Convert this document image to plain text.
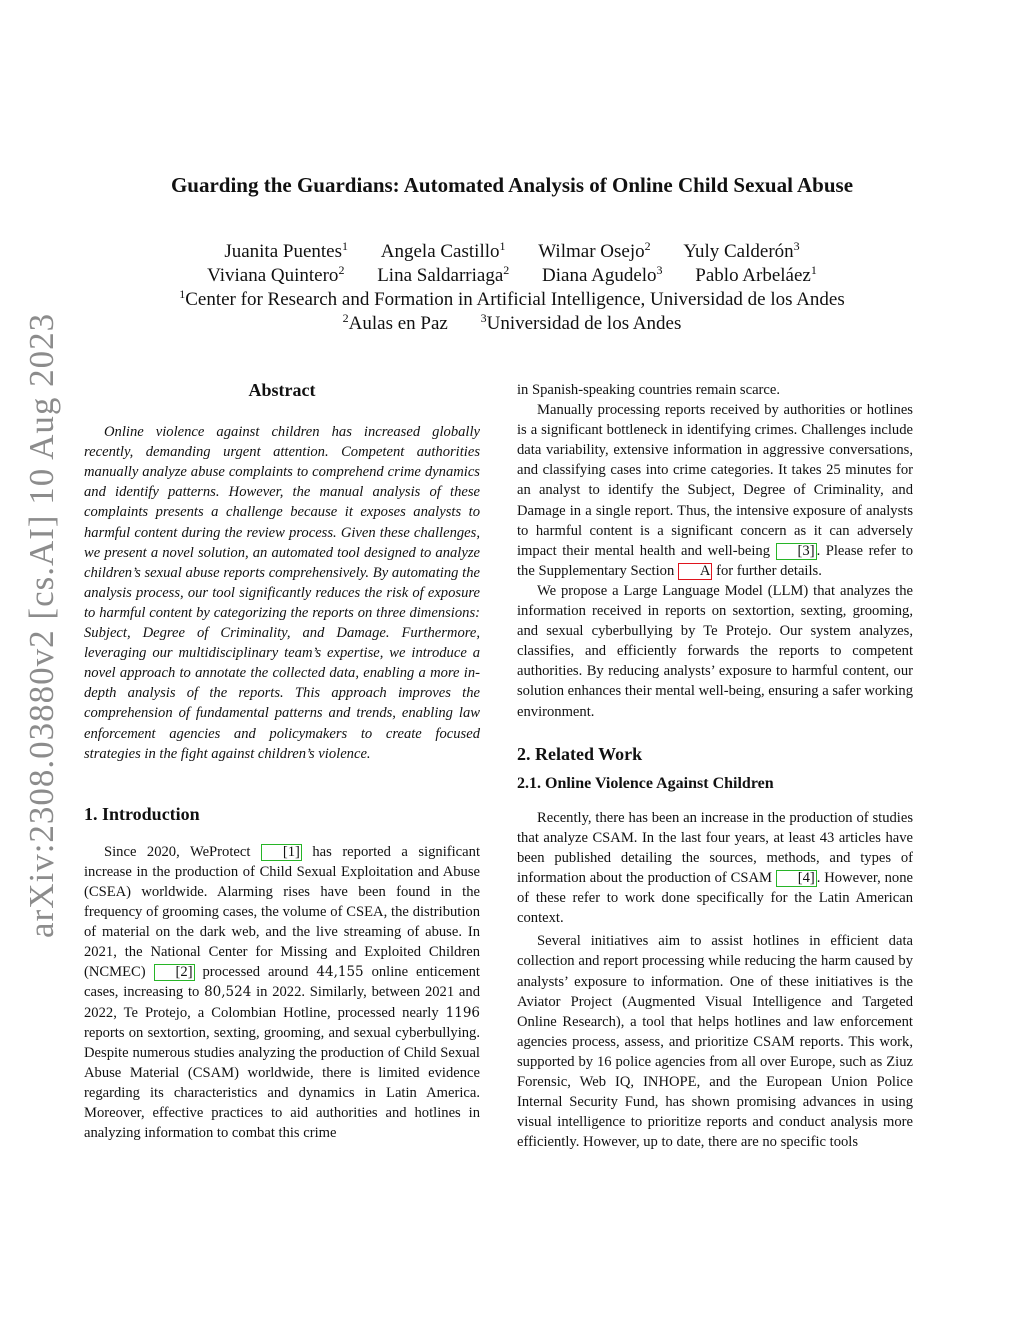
arXiv:2308.03880v2 [cs.AI] 10 Aug 2023
Guarding the Guardians: Automated Analysis of Online Child Sexual Abuse
Juanita Puentes$^1$ Angela Castillo$^1$ Wilmar Osejo$^2$ Yuly Calderón$^3$
Viviana Quintero$^2$ Lina Saldarriaga$^2$ Diana Agudelo$^3$ Pablo Arbeláez$^1$
$^1$Center for Research and Formation in Artificial Intelligence, Universidad de los Andes
$^2$Aulas en Paz	$^3$Universidad de los Andes
Abstract

Online violence against children has increased globally recently, demanding urgent attention. Competent authorities manually analyze abuse complaints to comprehend crime dynamics and identify patterns. However, the manual analysis of these complaints presents a challenge because it exposes analysts to harmful content during the review process. Given these challenges, we present a novel solution, an automated tool designed to analyze children’s sexual abuse reports comprehensively. By automating the analysis process, our tool significantly reduces the risk of exposure to harmful content by categorizing the reports on three dimensions: Subject, Degree of Criminality, and Damage. Furthermore, leveraging our multidisciplinary team’s expertise, we introduce a novel approach to annotate the collected data, enabling a more in-depth analysis of the reports. This approach improves the comprehension of fundamental patterns and trends, enabling law enforcement agencies and policymakers to create focused strategies in the fight against children’s violence.

1. Introduction

Since 2020, WeProtect [1] has reported a significant increase in the production of Child Sexual Exploitation and Abuse (CSEA) worldwide. Alarming rises have been found in the frequency of grooming cases, the volume of CSEA, the distribution of material on the dark web, and the live streaming of abuse. In 2021, the National Center for Missing and Exploited Children (NCMEC) [2] processed around 44,155 online enticement cases, increasing to 80,524 in 2022. Similarly, between 2021 and 2022, Te Protejo, a Colombian Hotline, processed nearly 1196 reports on sextortion, sexting, grooming, and sexual cyberbullying. Despite numerous studies analyzing the production of Child Sexual Abuse Material (CSAM) worldwide, there is limited evidence regarding its characteristics and dynamics in Latin America. Moreover, effective practices to aid authorities and hotlines in analyzing information to combat this crime

in Spanish-speaking countries remain scarce.

Manually processing reports received by authorities or hotlines is a significant bottleneck in identifying crimes. Challenges include data variability, extensive information in aggressive conversations, and classifying cases into crime categories. It takes 25 minutes for an analyst to identify the Subject, Degree of Criminality, and Damage in a single report. Thus, the intensive exposure of analysts to harmful content is a significant concern as it can adversely impact their mental health and well-being [3] . Please refer to the Supplementary Section A for further details.

We propose a Large Language Model (LLM) that analyzes the information received in reports on sextortion, sexting, grooming, and sexual cyberbullying by Te Protejo. Our system analyzes, classifies, and efficiently forwards the reports to competent authorities. By reducing analysts’ exposure to harmful content, our solution enhances their mental well-being, ensuring a safer working environment.

2. Related Work
2.1. Online Violence Against Children

Recently, there has been an increase in the production of studies that analyze CSAM. In the last four years, at least 43 articles have been published detailing the sources, methods, and types of information about the production of CSAM [4] . However, none of these refer to work done specifically for the Latin American context.

Several initiatives aim to assist hotlines in efficient data collection and report processing while reducing the harm caused by analysts’ exposure to information. One of these initiatives is the Aviator Project (Augmented Visual Intelligence and Targeted Online Research), a tool that helps hotlines and law enforcement agencies process, assess, and prioritize CSAM reports. This work, supported by 16 police agencies from all over Europe, such as Ziuz Forensic, Web IQ, INHOPE, and the European Union Police Internal Security Fund, has shown promising advances in using visual intelligence to prioritize reports and conduct analysis more efficiently. However, up to date, there are no specific tools
